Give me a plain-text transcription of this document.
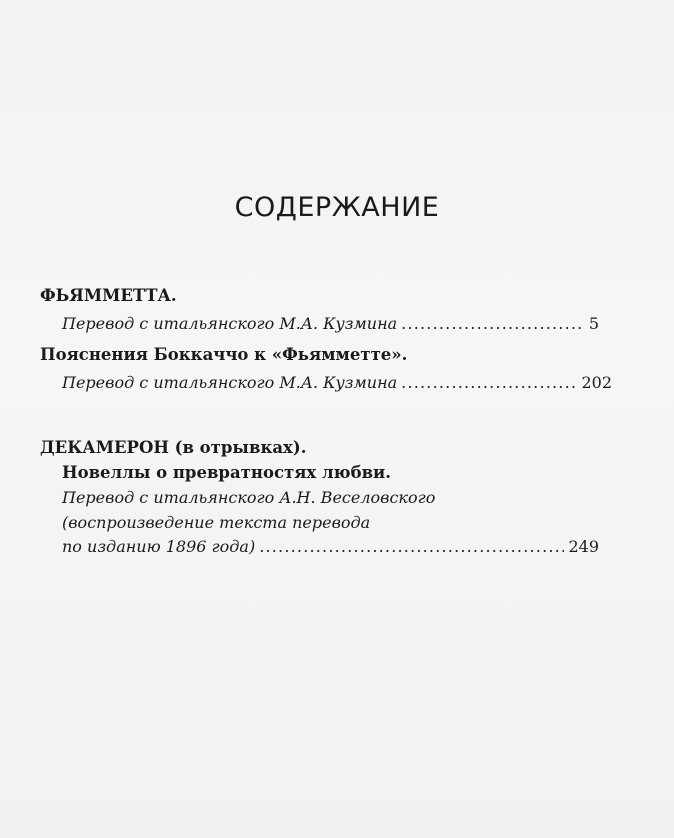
СОДЕРЖАНИЕ
ФЬЯММЕТТА.
Перевод с итальянского М.А. Кузмина .....	5
Пояснения Боккаччо к «Фьямметте».
Перевод с итальянского М.А. Кузмина .....	202
ДЕКАМЕРОН (в отрывках).
Новеллы о превратностях любви.
Перевод с итальянского А.Н. Веселовского
(воспроизведение текста перевода
по изданию 1896 года) .....	249
